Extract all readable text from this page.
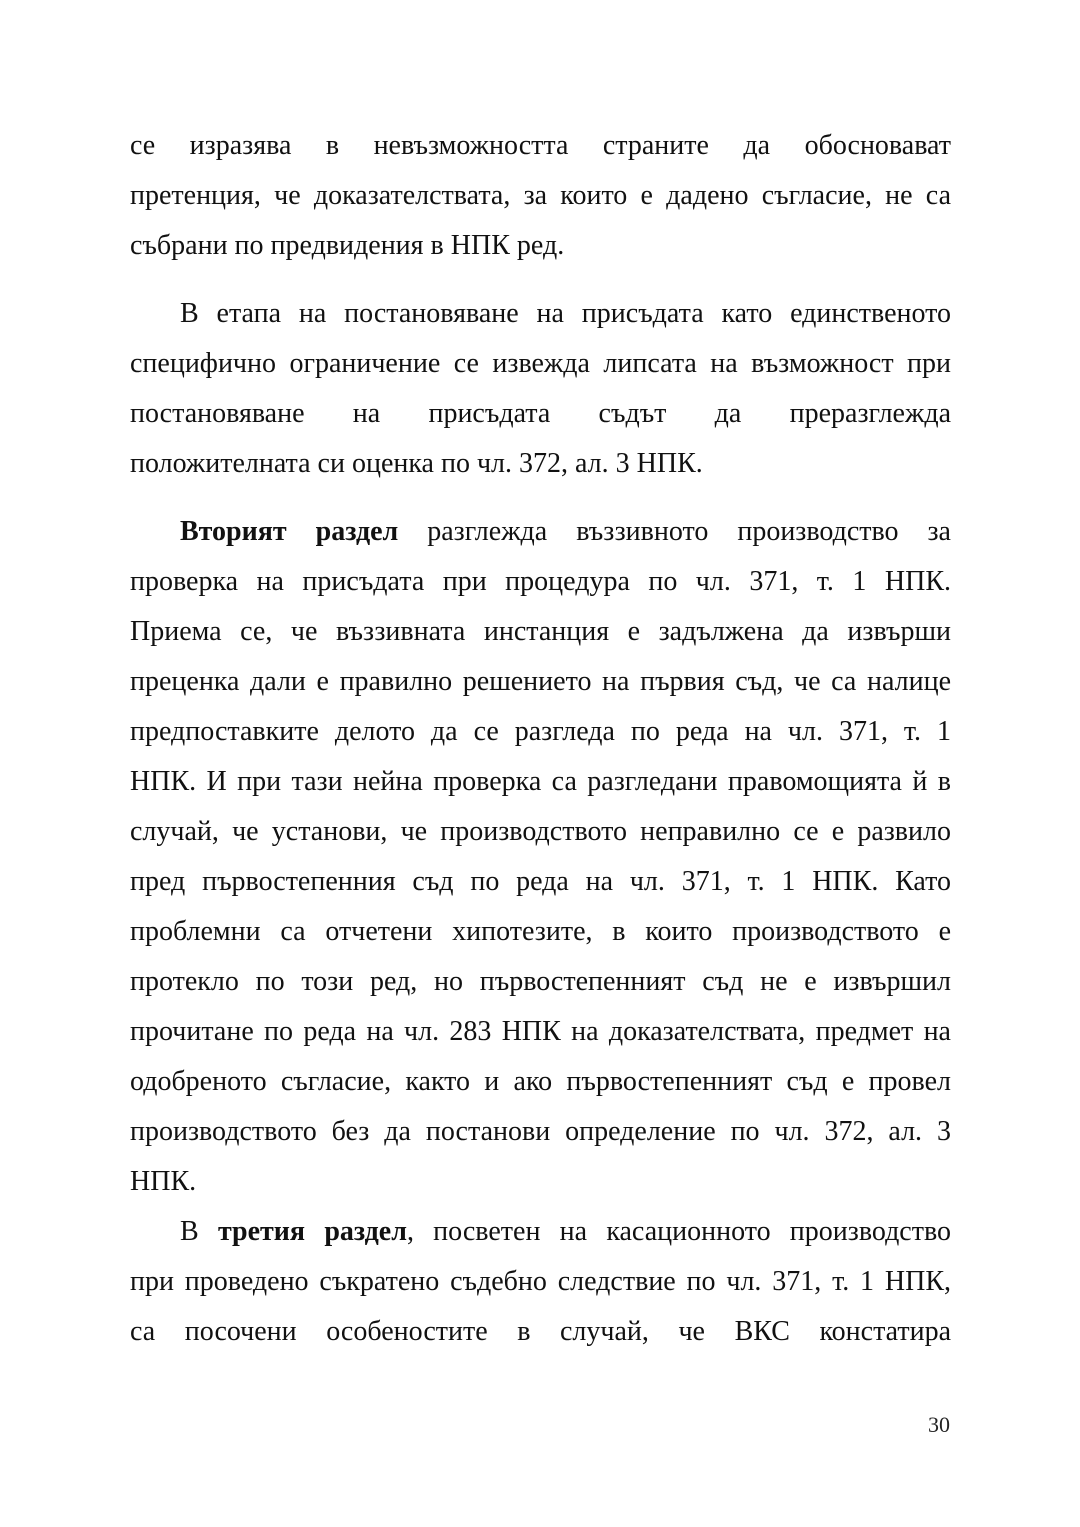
се изразява в невъзможността страните да обосновават
претенция, че доказателствата, за които е дадено съгласие, не са
събрани по предвидения в НПК ред.
В етапа на постановяване на присъдата като единственото
специфично ограничение се извежда липсата на възможност при
постановяване на присъдата съдът да преразглежда
положителната си оценка по чл. 372, ал. 3 НПК.
Вторият раздел разглежда въззивното производство за
проверка на присъдата при процедура по чл. 371, т. 1 НПК.
Приема се, че въззивната инстанция е задължена да извърши
преценка дали е правилно решението на първия съд, че са налице
предпоставките делото да се разгледа по реда на чл. 371, т. 1
НПК. И при тази нейна проверка са разгледани правомощията й в
случай, че установи, че производството неправилно се е развило
пред първостепенния съд по реда на чл. 371, т. 1 НПК. Като
проблемни са отчетени хипотезите, в които производството е
протекло по този ред, но първостепенният съд не е извършил
прочитане по реда на чл. 283 НПК на доказателствата, предмет на
одобреното съгласие, както и ако първостепенният съд е провел
производството без да постанови определение по чл. 372, ал. 3
НПК.
В третия раздел, посветен на касационното производство
при проведено съкратено съдебно следствие по чл. 371, т. 1 НПК,
са посочени особеностите в случай, че ВКС констатира
30
